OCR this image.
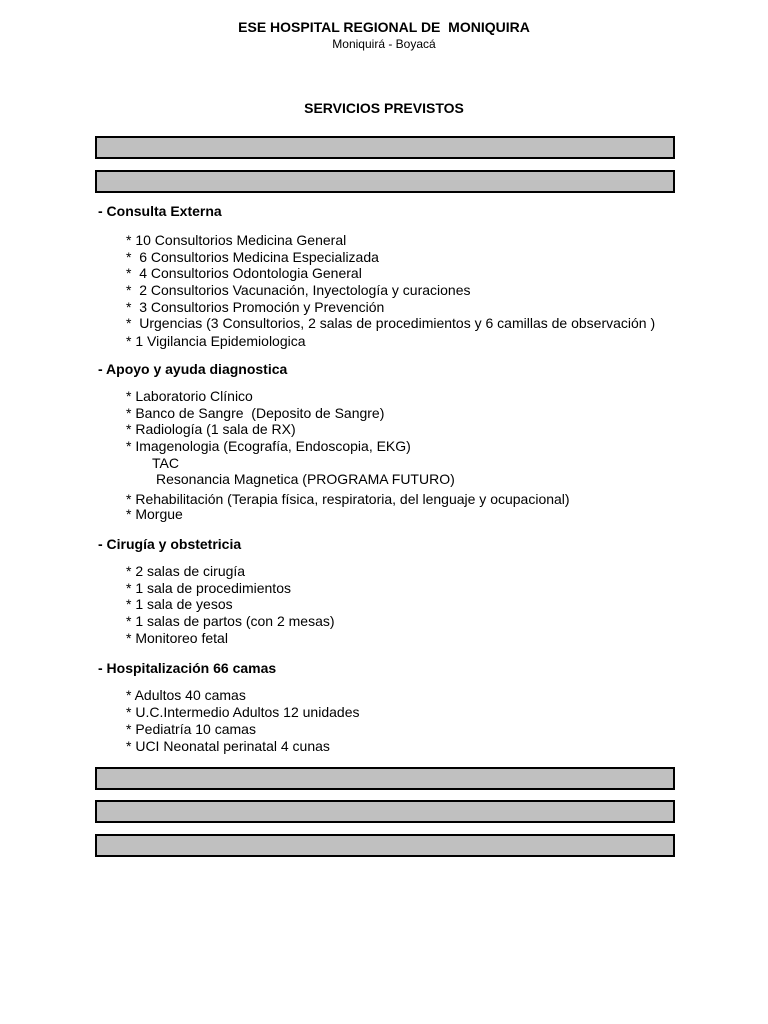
ESE HOSPITAL REGIONAL DE  MONIQUIRA
Moniquirá - Boyacá
SERVICIOS PREVISTOS

- Consulta Externa
* 10 Consultorios Medicina General
*  6 Consultorios Medicina Especializada
*  4 Consultorios Odontologia General
*  2 Consultorios Vacunación, Inyectología y curaciones
*  3 Consultorios Promoción y Prevención
*  Urgencias (3 Consultorios, 2 salas de procedimientos y 6 camillas de observación )
* 1 Vigilancia Epidemiologica
- Apoyo y ayuda diagnostica
* Laboratorio Clínico
* Banco de Sangre  (Deposito de Sangre)
* Radiología (1 sala de RX)
* Imagenologia (Ecografía, Endoscopia, EKG)
TAC
Resonancia Magnetica (PROGRAMA FUTURO)
* Rehabilitación (Terapia física, respiratoria, del lenguaje y ocupacional)
* Morgue
- Cirugía y obstetricia
* 2 salas de cirugía
* 1 sala de procedimientos
* 1 sala de yesos
* 1 salas de partos (con 2 mesas)
* Monitoreo fetal
- Hospitalización 66 camas
* Adultos 40 camas
* U.C.Intermedio Adultos 12 unidades
* Pediatría 10 camas
* UCI Neonatal perinatal 4 cunas
